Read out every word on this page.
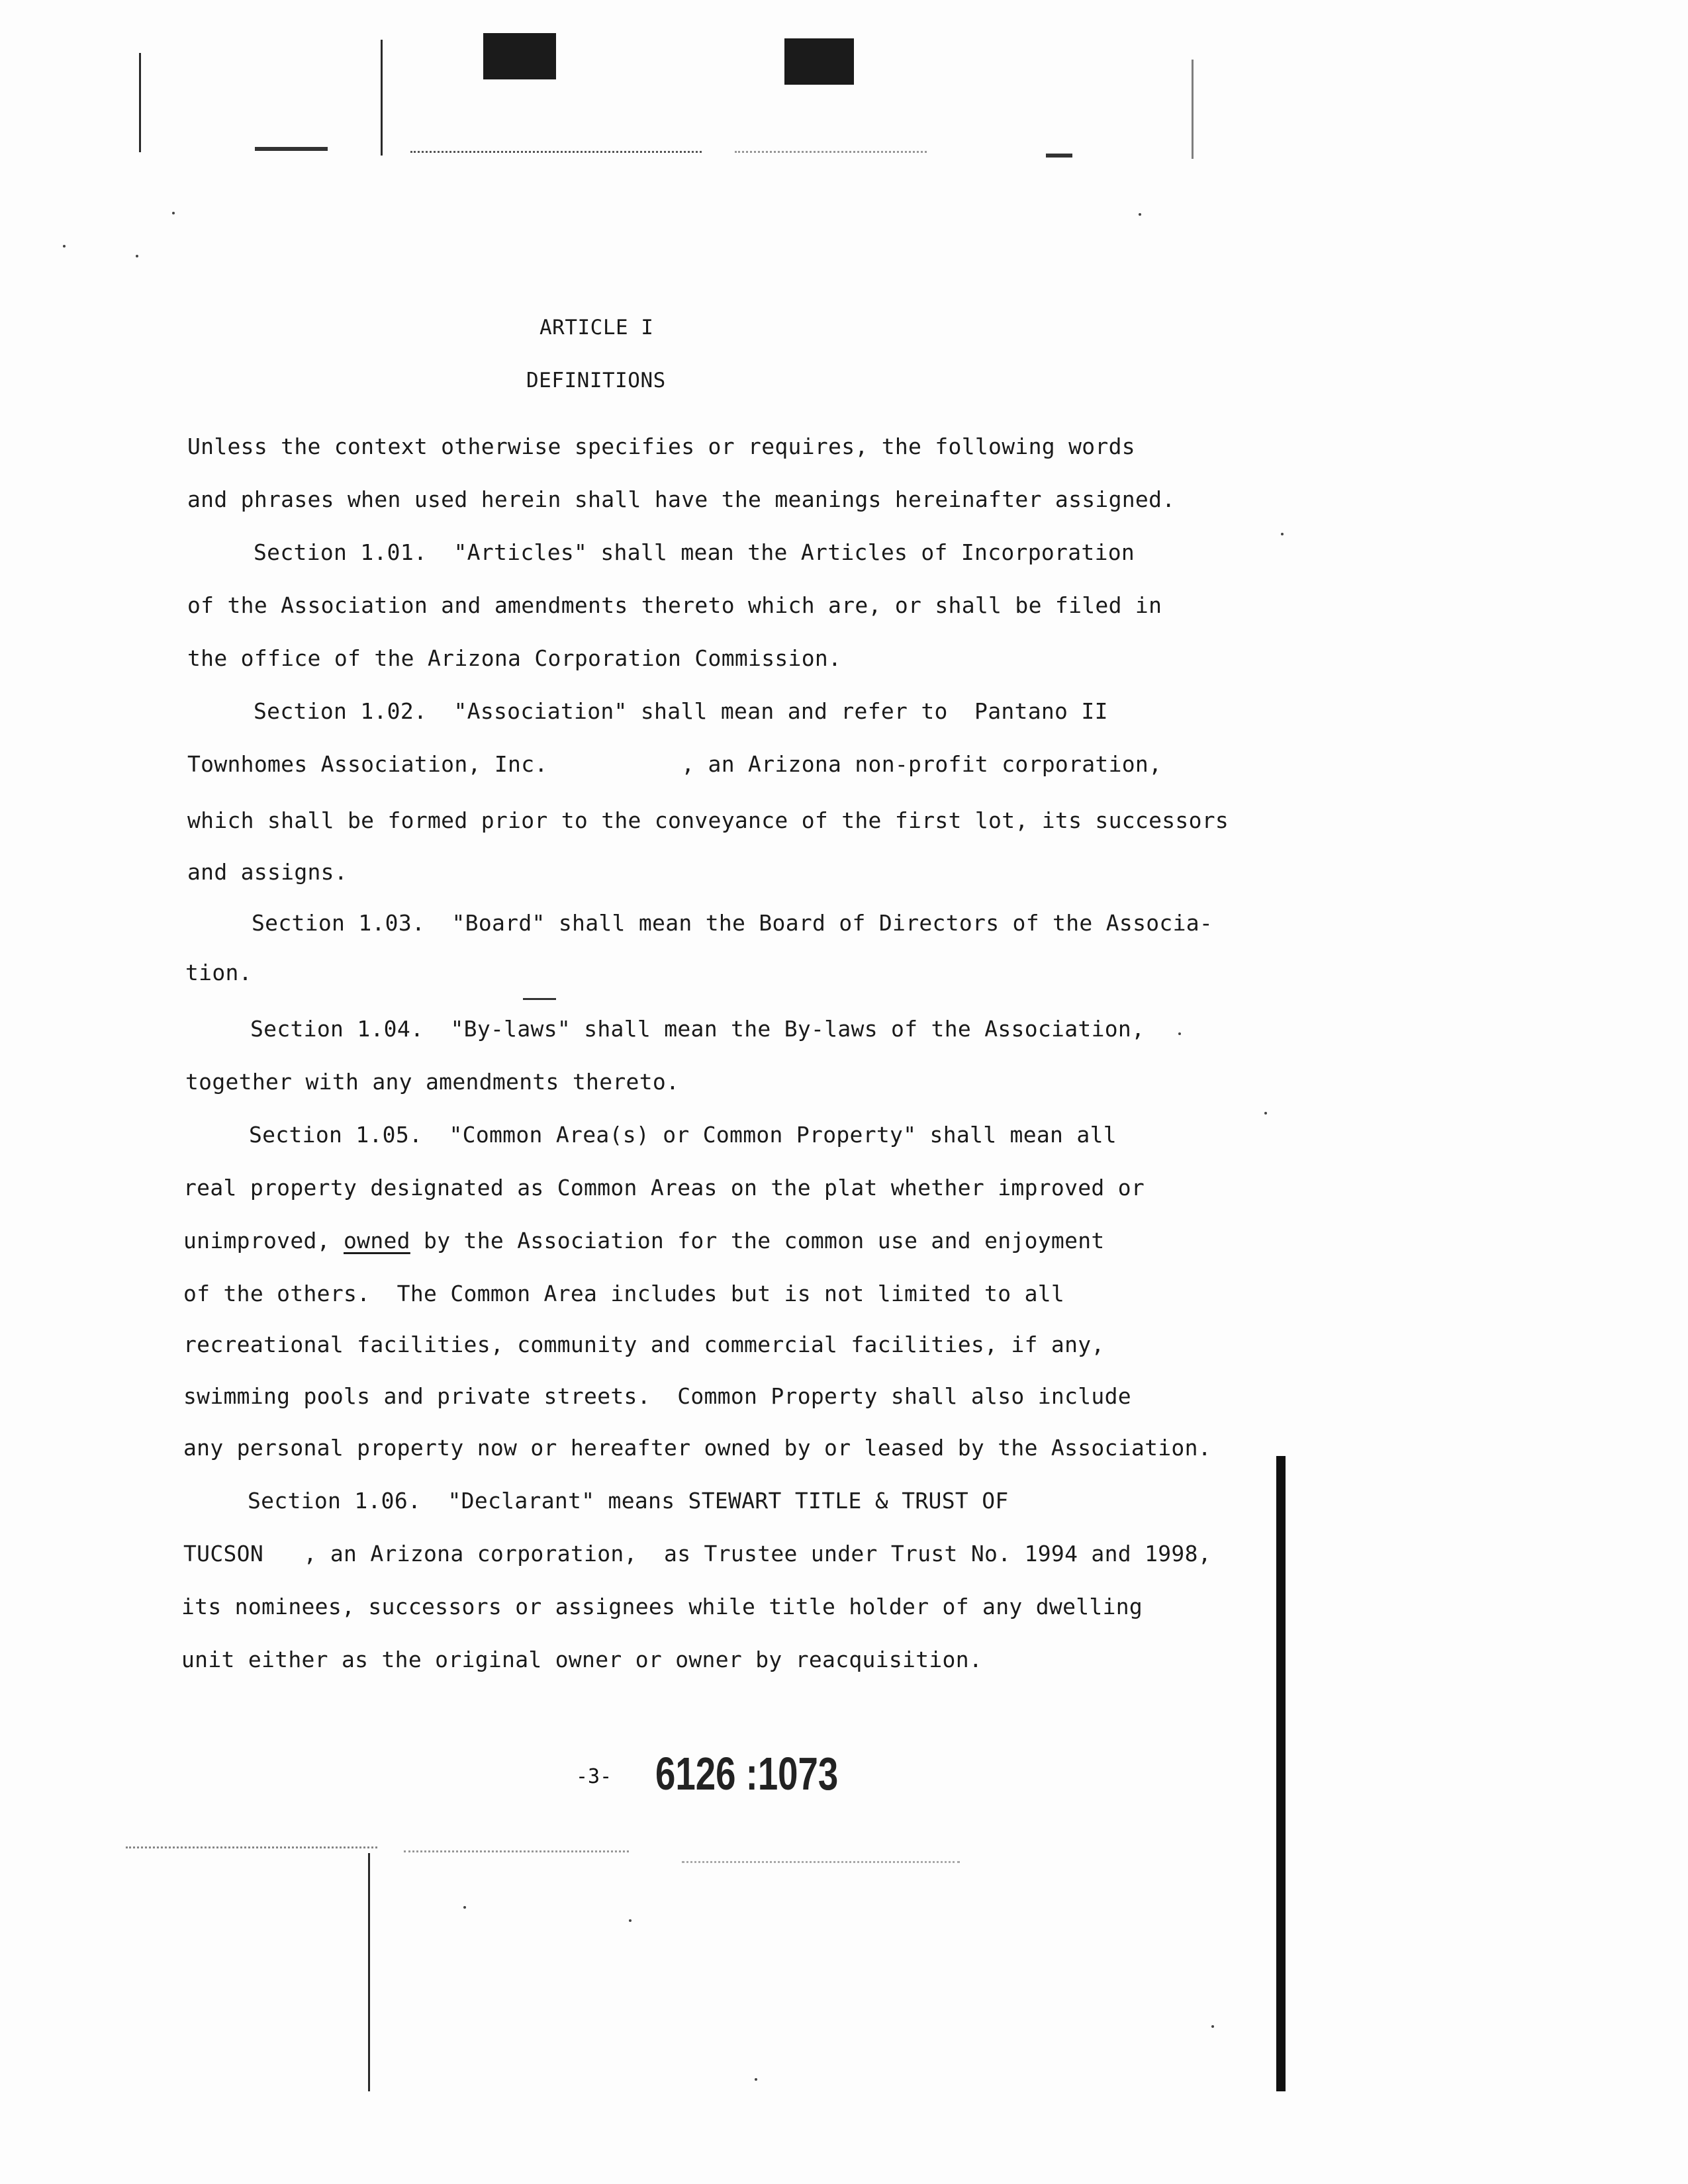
ARTICLE I
DEFINITIONS
Unless the context otherwise specifies or requires, the following words
and phrases when used herein shall have the meanings hereinafter assigned.
Section 1.01.  "Articles" shall mean the Articles of Incorporation
of the Association and amendments thereto which are, or shall be filed in
the office of the Arizona Corporation Commission.
Section 1.02.  "Association" shall mean and refer to  Pantano II
Townhomes Association, Inc.          , an Arizona non-profit corporation,
which shall be formed prior to the conveyance of the first lot, its successors
and assigns.
Section 1.03.  "Board" shall mean the Board of Directors of the Associa-
tion.
Section 1.04.  "By-laws" shall mean the By-laws of the Association,
together with any amendments thereto.
Section 1.05.  "Common Area(s) or Common Property" shall mean all
real property designated as Common Areas on the plat whether improved or
unimproved, owned by the Association for the common use and enjoyment
of the others.  The Common Area includes but is not limited to all
recreational facilities, community and commercial facilities, if any,
swimming pools and private streets.  Common Property shall also include
any personal property now or hereafter owned by or leased by the Association.
Section 1.06.  "Declarant" means STEWART TITLE & TRUST OF
TUCSON   , an Arizona corporation,  as Trustee under Trust No. 1994 and 1998,
its nominees, successors or assignees while title holder of any dwelling
unit either as the original owner or owner by reacquisition.
-3- 6126 :1073
